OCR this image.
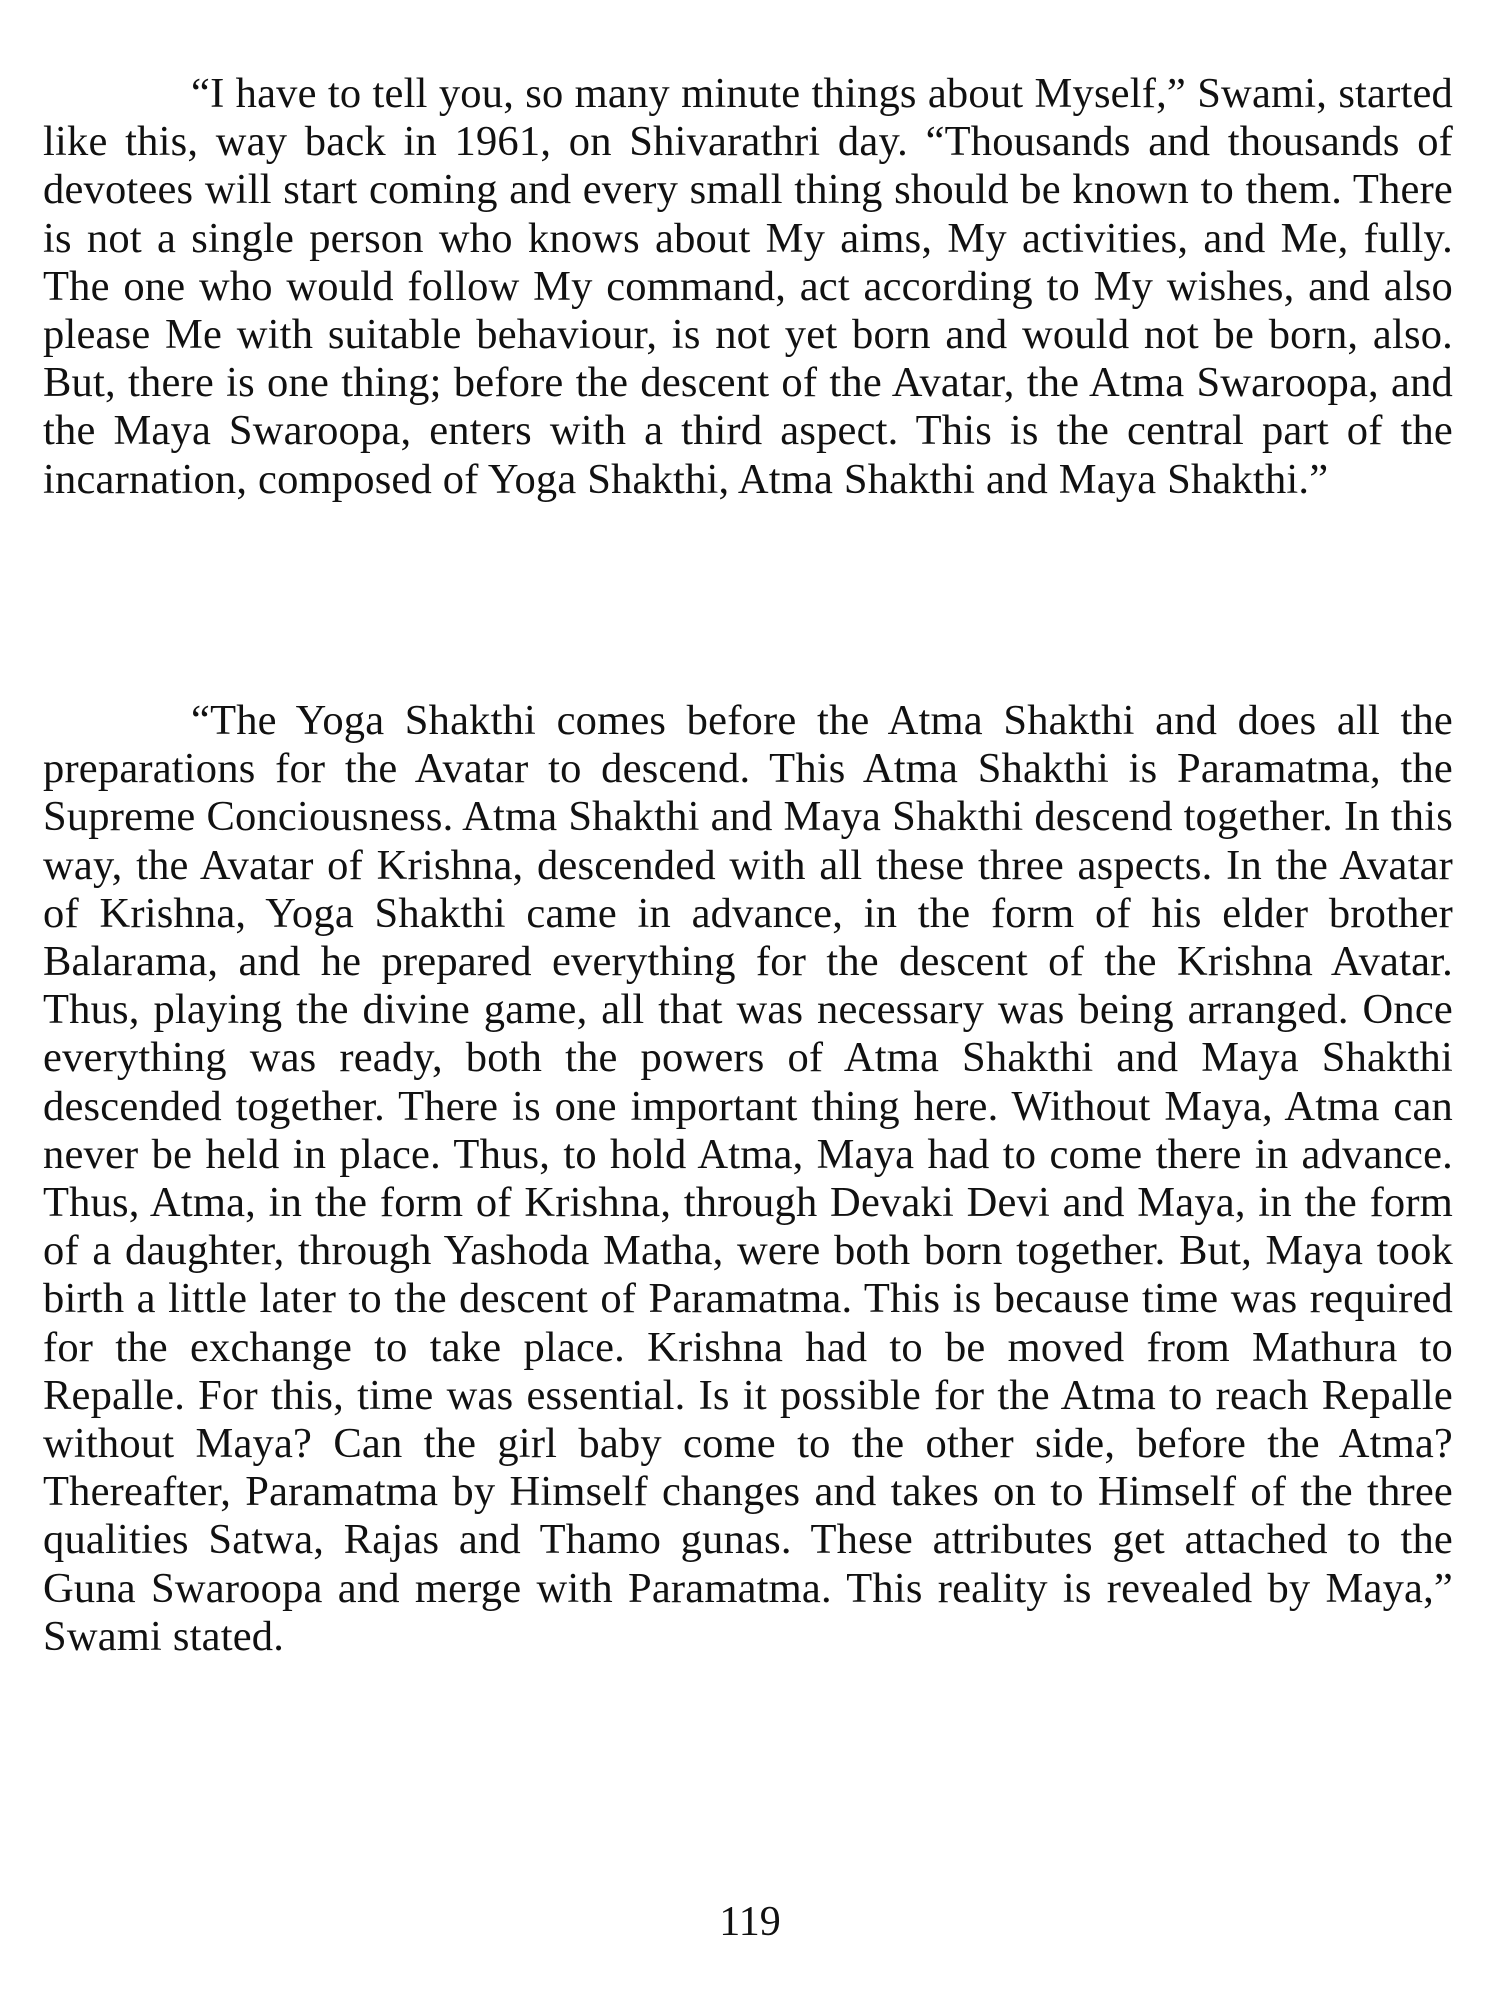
“I have to tell you, so many minute things about Myself,” Swami, started like this, way back in 1961, on Shivarathri day. “Thousands and thousands of devotees will start coming and every small thing should be known to them. There is not a single person who knows about My aims, My activities, and Me, fully. The one who would follow My command, act according to My wishes, and also please Me with suitable behaviour, is not yet born and would not be born, also. But, there is one thing; before the descent of the Avatar, the Atma Swaroopa, and the Maya Swaroopa, enters with a third aspect. This is the central part of the incarnation, composed of Yoga Shakthi, Atma Shakthi and Maya Shakthi.”

“The Yoga Shakthi comes before the Atma Shakthi and does all the preparations for the Avatar to descend. This Atma Shakthi is Paramatma, the Supreme Conciousness. Atma Shakthi and Maya Shakthi descend together. In this way, the Avatar of Krishna, descended with all these three aspects. In the Avatar of Krishna, Yoga Shakthi came in advance, in the form of his elder brother Balarama, and he prepared everything for the descent of the Krishna Avatar. Thus, playing the divine game, all that was necessary was being arranged. Once everything was ready, both the powers of Atma Shakthi and Maya Shakthi descended together. There is one important thing here. Without Maya, Atma can never be held in place. Thus, to hold Atma, Maya had to come there in advance. Thus, Atma, in the form of Krishna, through Devaki Devi and Maya, in the form of a daughter, through Yashoda Matha, were both born together. But, Maya took birth a little later to the descent of Paramatma. This is because time was required for the exchange to take place. Krishna had to be moved from Mathura to Repalle. For this, time was essential. Is it possible for the Atma to reach Repalle without Maya? Can the girl baby come to the other side, before the Atma? Thereafter, Paramatma by Himself changes and takes on to Himself of the three qualities Satwa, Rajas and Thamo gunas. These attributes get attached to the Guna Swaroopa and merge with Paramatma. This reality is revealed by Maya,” Swami stated.

119
